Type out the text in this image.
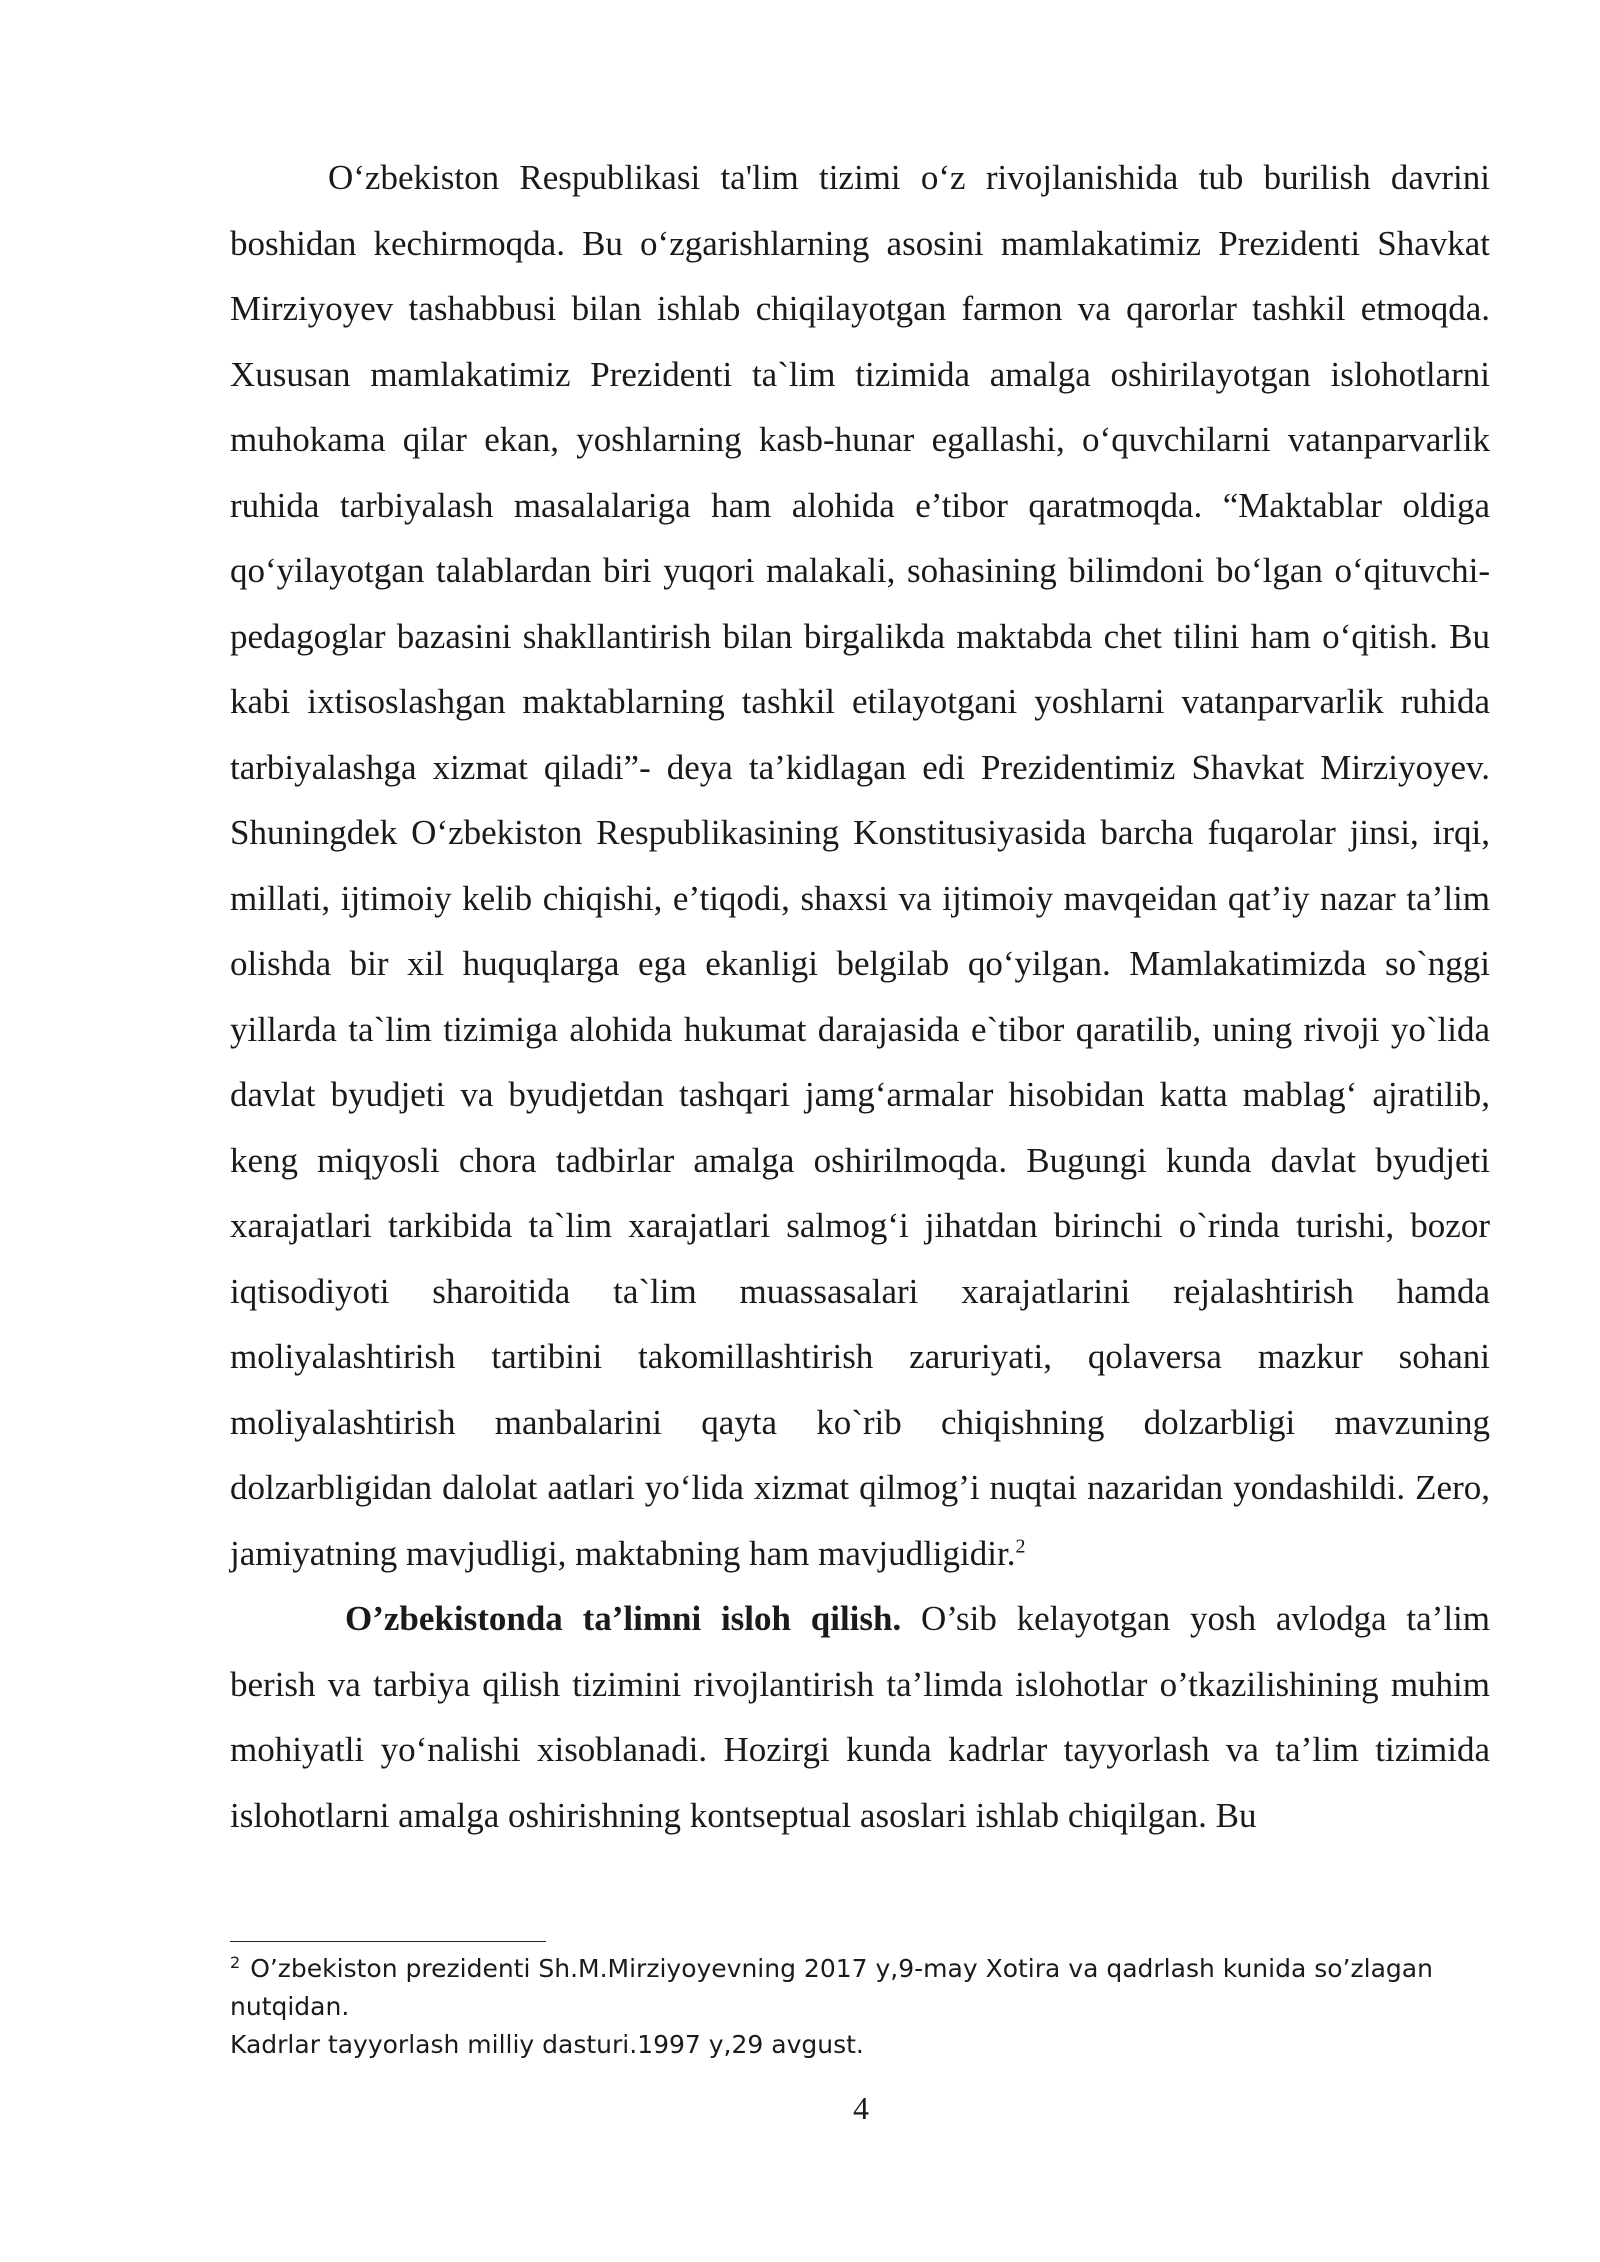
O‘zbekiston Respublikasi ta'lim tizimi o‘z rivojlanishida tub burilish davrini boshidan kechirmoqda. Bu o‘zgarishlarning asosini mamlakatimiz Prezidenti Shavkat Mirziyoyev tashabbusi bilan ishlab chiqilayotgan farmon va qarorlar tashkil etmoqda. Xususan mamlakatimiz Prezidenti ta`lim tizimida amalga oshirilayotgan islohotlarni muhokama qilar ekan, yoshlarning kasb-hunar egallashi, o‘quvchilarni vatanparvarlik ruhida tarbiyalash masalalariga ham alohida e’tibor qaratmoqda. “Maktablar oldiga qo‘yilayotgan talablardan biri yuqori malakali, sohasining bilimdoni bo‘lgan o‘qituvchi-pedagoglar bazasini shakllantirish bilan birgalikda maktabda chet tilini ham o‘qitish. Bu kabi ixtisoslashgan maktablarning tashkil etilayotgani yoshlarni vatanparvarlik ruhida tarbiyalashga xizmat qiladi”- deya ta’kidlagan edi Prezidentimiz Shavkat Mirziyoyev. Shuningdek O‘zbekiston Respublikasining Konstitusiyasida barcha fuqarolar jinsi, irqi, millati, ijtimoiy kelib chiqishi, e’tiqodi, shaxsi va ijtimoiy mavqeidan qat’iy nazar ta’lim olishda bir xil huquqlarga ega ekanligi belgilab qo‘yilgan. Mamlakatimizda so`nggi yillarda ta`lim tizimiga alohida hukumat darajasida e`tibor qaratilib, uning rivoji yo`lida davlat byudjeti va byudjetdan tashqari jamg‘armalar hisobidan katta mablag‘ ajratilib, keng miqyosli chora tadbirlar amalga oshirilmoqda. Bugungi kunda davlat byudjeti xarajatlari tarkibida ta`lim xarajatlari salmog‘i jihatdan birinchi o`rinda turishi, bozor iqtisodiyoti sharoitida ta`lim muassasalari xarajatlarini rejalashtirish hamda moliyalashtirish tartibini takomillashtirish zaruriyati, qolaversa mazkur sohani moliyalashtirish manbalarini qayta ko`rib chiqishning dolzarbligi mavzuning dolzarbligidan dalolat aatlari yo‘lida xizmat qilmog’i nuqtai nazaridan yondashildi. Zero, jamiyatning mavjudligi, maktabning ham mavjudligidir.$^2$

O’zbekistonda ta’limni isloh qilish. O’sib kelayotgan yosh avlodga ta’lim berish va tarbiya qilish tizimini rivojlantirish ta’limda islohotlar o’tkazilishining muhim mohiyatli yo‘nalishi xisoblanadi. Hozirgi kunda kadrlar tayyorlash va ta’lim tizimida islohotlarni amalga oshirishning kontseptual asoslari ishlab chiqilgan. Bu

$^2$ O’zbekiston prezidenti Sh.M.Mirziyoyevning 2017 y,9-may Xotira va qadrlash kunida so’zlagan nutqidan.

Kadrlar tayyorlash milliy dasturi.1997 y,29 avgust.

4
